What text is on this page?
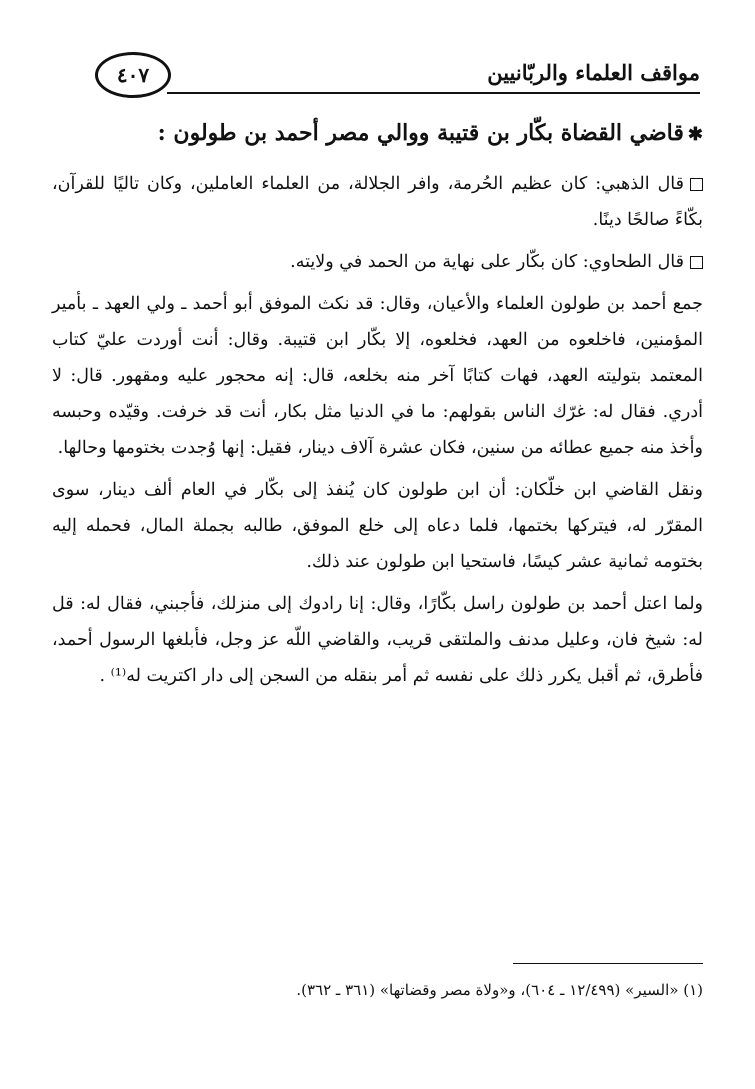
مواقف العلماء والربّانيين
٤٠٧
✱قاضي القضاة بكّار بن قتيبة ووالي مصر أحمد بن طولون :

قال الذهبي: كان عظيم الحُرمة، وافر الجلالة، من العلماء العاملين، وكان تاليًا للقرآن، بكّاءً صالحًا دينًا.

قال الطحاوي: كان بكّار على نهاية من الحمد في ولايته.

جمع أحمد بن طولون العلماء والأعيان، وقال: قد نكث الموفق أبو أحمد ـ ولي العهد ـ بأمير المؤمنين، فاخلعوه من العهد، فخلعوه، إلا بكّار ابن قتيبة. وقال: أنت أوردت عليّ كتاب المعتمد بتوليته العهد، فهات كتابًا آخر منه بخلعه، قال: إنه محجور عليه ومقهور. قال: لا أدري. فقال له: غرّك الناس بقولهم: ما في الدنيا مثل بكار، أنت قد خرفت. وقيّده وحبسه وأخذ منه جميع عطائه من سنين، فكان عشرة آلاف دينار، فقيل: إنها وُجدت بختومها وحالها.

ونقل القاضي ابن خلّكان: أن ابن طولون كان يُنفذ إلى بكّار في العام ألف دينار، سوى المقرّر له، فيتركها بختمها، فلما دعاه إلى خلع الموفق، طالبه بجملة المال، فحمله إليه بختومه ثمانية عشر كيسًا، فاستحيا ابن طولون عند ذلك.

ولما اعتل أحمد بن طولون راسل بكّارًا، وقال: إنا رادوك إلى منزلك، فأجبني، فقال له: قل له: شيخ فان، وعليل مدنف والملتقى قريب، والقاضي اللّه عز وجل، فأبلغها الرسول أحمد، فأطرق، ثم أقبل يكرر ذلك على نفسه ثم أمر بنقله من السجن إلى دار اكتريت له⁽¹⁾ .

(١) «السير» (١٢/٤٩٩ ـ ٦٠٤)، و«ولاة مصر وقضاتها» (٣٦١ ـ ٣٦٢).
